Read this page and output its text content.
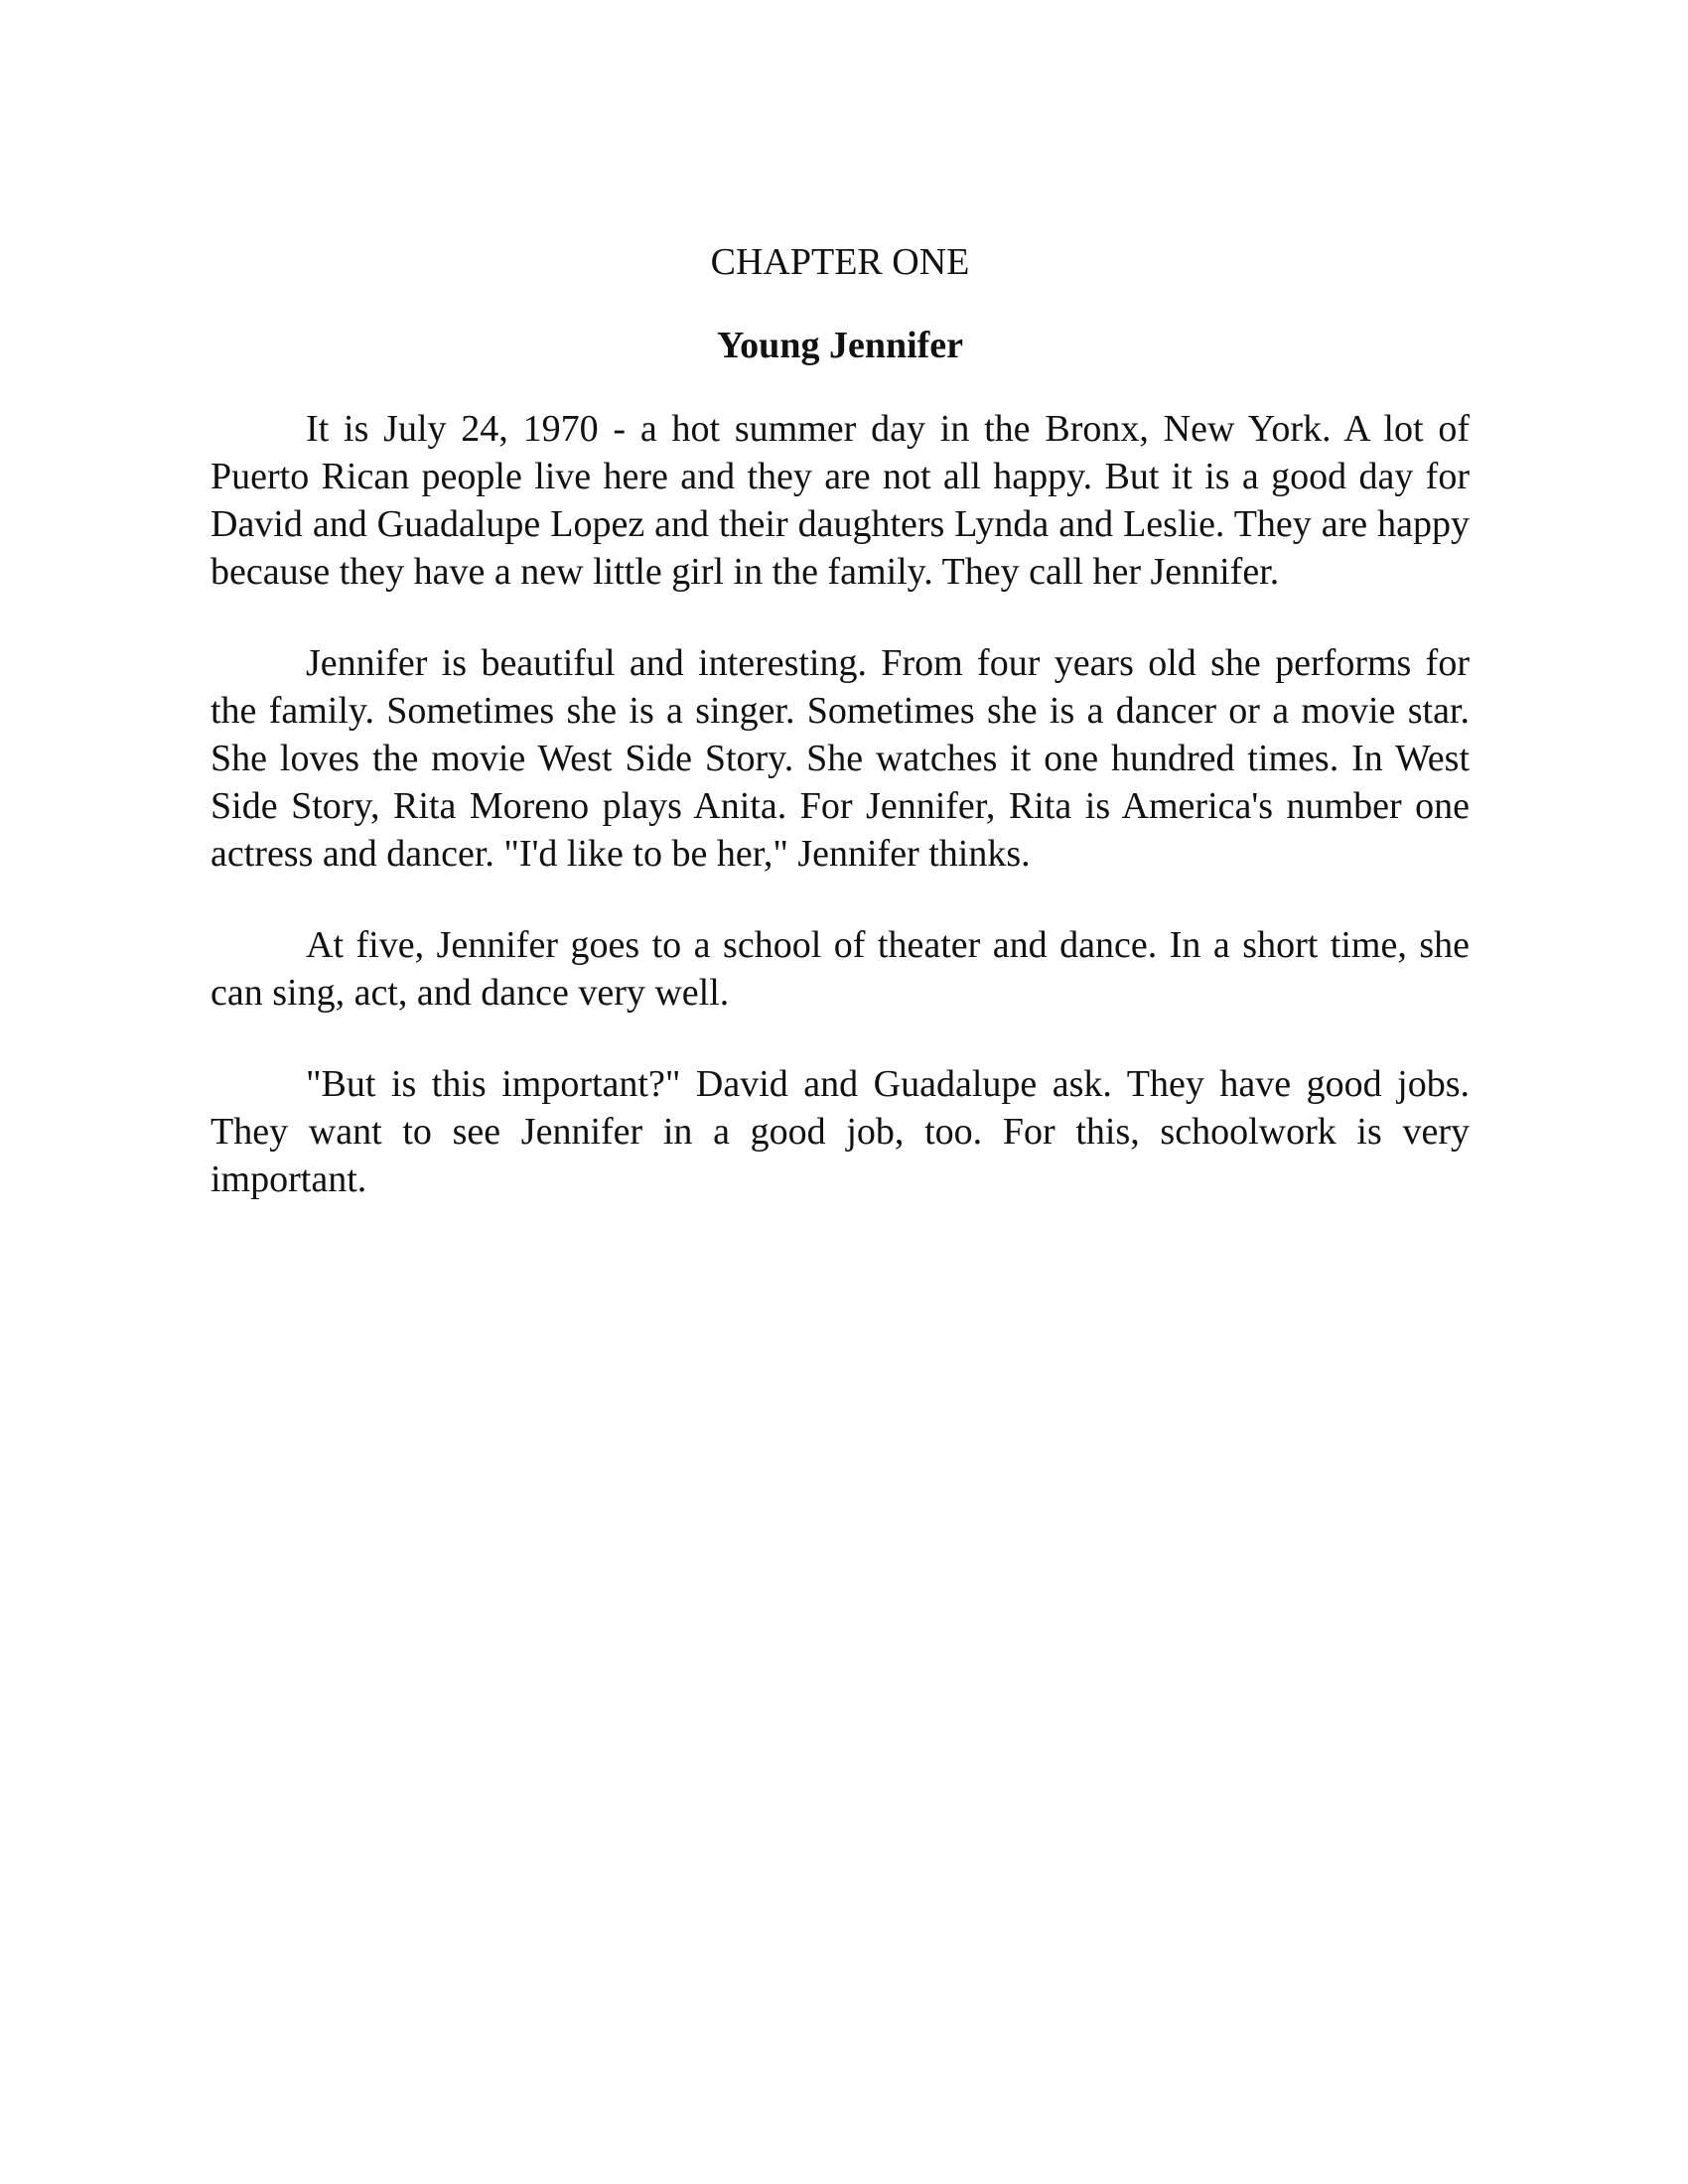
CHAPTER ONE
Young Jennifer

It is July 24, 1970 - a hot summer day in the Bronx, New York. A lot of Puerto Rican people live here and they are not all happy. But it is a good day for David and Guadalupe Lopez and their daughters Lynda and Leslie. They are happy because they have a new little girl in the family. They call her Jennifer.

Jennifer is beautiful and interesting. From four years old she performs for the family. Sometimes she is a singer. Sometimes she is a dancer or a movie star. She loves the movie West Side Story. She watches it one hundred times. In West Side Story, Rita Moreno plays Anita. For Jennifer, Rita is America's number one actress and dancer. "I'd like to be her," Jennifer thinks.

At five, Jennifer goes to a school of theater and dance. In a short time, she can sing, act, and dance very well.

"But is this important?" David and Guadalupe ask. They have good jobs. They want to see Jennifer in a good job, too. For this, schoolwork is very important.
